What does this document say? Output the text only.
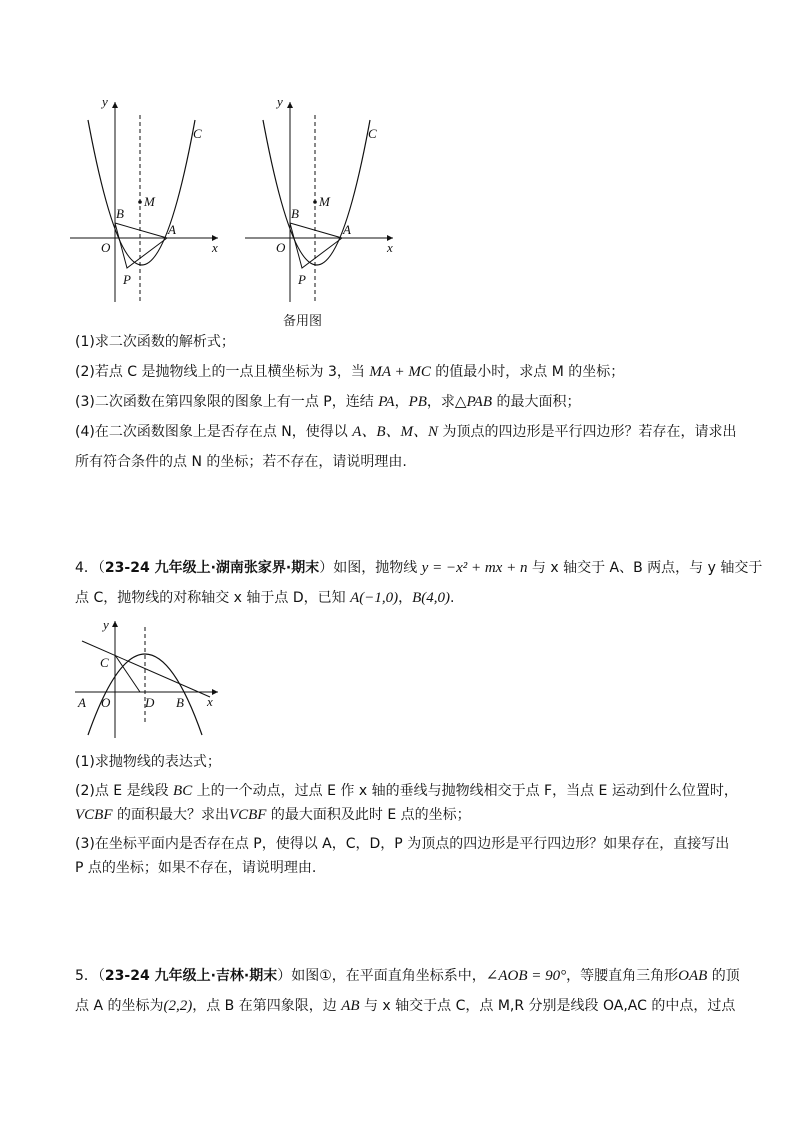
y
x
C
M
B
A
O
P
y
x
C
M
B
A
O
P
备用图
(1)求二次函数的解析式；
(2)若点 C 是抛物线上的一点且横坐标为 3，当 MA + MC 的值最小时，求点 M 的坐标；
(3)二次函数在第四象限的图象上有一点 P，连结 PA，PB，求△PAB 的最大面积；
(4)在二次函数图象上是否存在点 N，使得以 A、B、M、N 为顶点的四边形是平行四边形？若存在，请求出
所有符合条件的点 N 的坐标；若不存在，请说明理由.
4．（23-24 九年级上·湖南张家界·期末）如图，抛物线 y = −x² + mx + n 与 x 轴交于 A、B 两点，与 y 轴交于
点 C，抛物线的对称轴交 x 轴于点 D，已知 A(−1,0)，B(4,0).
y
x
C
A O	D B
(1)求抛物线的表达式；
(2)点 E 是线段 BC 上的一个动点，过点 E 作 x 轴的垂线与抛物线相交于点 F，当点 E 运动到什么位置时，
VCBF 的面积最大？求出VCBF 的最大面积及此时 E 点的坐标；
(3)在坐标平面内是否存在点 P，使得以 A，C，D，P 为顶点的四边形是平行四边形？如果存在，直接写出
P 点的坐标；如果不存在，请说明理由.
5．（23-24 九年级上·吉林·期末）如图①，在平面直角坐标系中，∠AOB = 90°，等腰直角三角形OAB 的顶
点 A 的坐标为(2,2)，点 B 在第四象限，边 AB 与 x 轴交于点 C，点 M,R 分别是线段 OA,AC 的中点，过点
